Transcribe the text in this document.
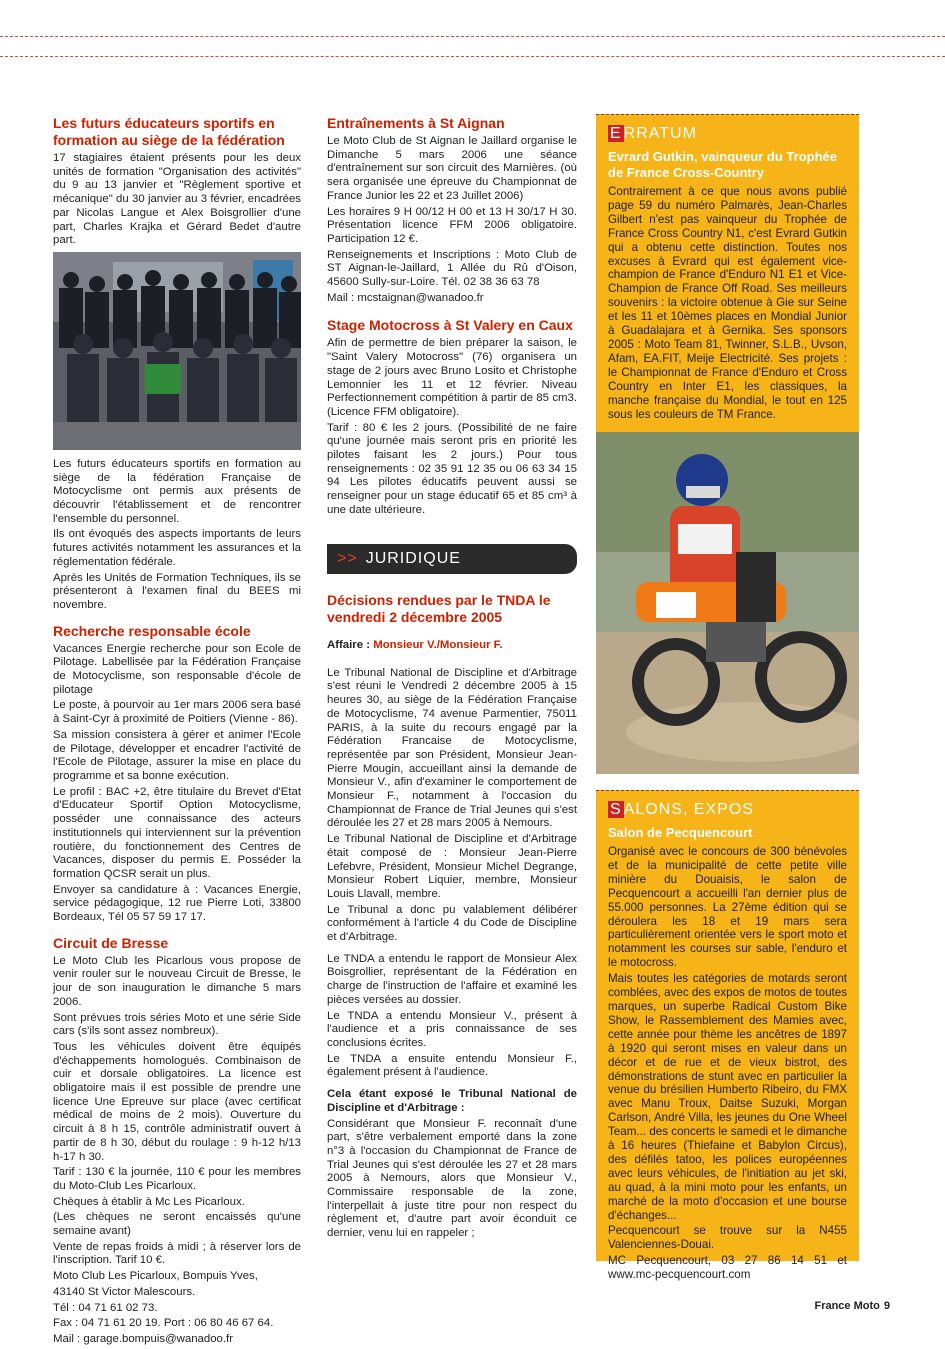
Les futurs éducateurs sportifs en formation au siège de la fédération

17 stagiaires étaient présents pour les deux unités de formation "Organisation des activités" du 9 au 13 janvier et "Règlement sportive et mécanique" du 30 janvier au 3 février, encadrées par Nicolas Langue et Alex Boisgrollier d'une part, Charles Krajka et Gérard Bedet d'autre part.

Les futurs éducateurs sportifs en formation au siège de la fédération Française de Motocyclisme ont permis aux présents de découvrir l'établissement et de rencontrer l'ensemble du personnel.

Ils ont évoqués des aspects importants de leurs futures activités notamment les assurances et la réglementation fédérale.

Après les Unités de Formation Techniques, ils se présenteront à l'examen final du BEES mi novembre.

Recherche responsable école

Vacances Energie recherche pour son Ecole de Pilotage. Labellisée par la Fédération Française de Motocyclisme, son responsable d'école de pilotage

Le poste, à pourvoir au 1er mars 2006 sera basé à Saint-Cyr à proximité de Poitiers (Vienne - 86).

Sa mission consistera à gérer et animer l'Ecole de Pilotage, développer et encadrer l'activité de l'Ecole de Pilotage, assurer la mise en place du programme et sa bonne exécution.

Le profil : BAC +2, être titulaire du Brevet d'Etat d'Educateur Sportif Option Motocyclisme, posséder une connaissance des acteurs institutionnels qui interviennent sur la prévention routière, du fonctionnement des Centres de Vacances, disposer du permis E. Posséder la formation QCSR serait un plus.

Envoyer sa candidature à : Vacances Energie, service pédagogique, 12 rue Pierre Loti, 33800 Bordeaux, Tél 05 57 59 17 17.

Circuit de Bresse

Le Moto Club les Picarlous vous propose de venir rouler sur le nouveau Circuit de Bresse, le jour de son inauguration le dimanche 5 mars 2006.

Sont prévues trois séries Moto et une série Side cars (s'ils sont assez nombreux).

Tous les véhicules doivent être équipés d'échappements homologués. Combinaison de cuir et dorsale obligatoires. La licence est obligatoire mais il est possible de prendre une licence Une Epreuve sur place (avec certificat médical de moins de 2 mois). Ouverture du circuit à 8 h 15, contrôle administratif ouvert à partir de 8 h 30, début du roulage : 9 h-12 h/13 h-17 h 30.

Tarif : 130 € la journée, 110 € pour les membres du Moto-Club Les Picarloux.

Chèques à établir à Mc Les Picarloux.

(Les chèques ne seront encaissés qu'une semaine avant)

Vente de repas froids à midi ; à réserver lors de l'inscription. Tarif 10 €.

Moto Club Les Picarloux, Bompuis Yves,

43140 St Victor Malescours.

Tél : 04 71 61 02 73.

Fax : 04 71 61 20 19. Port : 06 80 46 67 64.

Mail : garage.bompuis@wanadoo.fr

Entraînements à St Aignan

Le Moto Club de St Aignan le Jaillard organise le Dimanche 5 mars 2006 une séance d'entraînement sur son circuit des Marnières. (où sera organisée une épreuve du Championnat de France Junior les 22 et 23 Juillet 2006)

Les horaires 9 H 00/12 H 00 et 13 H 30/17 H 30. Présentation licence FFM 2006 obligatoire. Participation 12 €.

Renseignements et Inscriptions : Moto Club de ST Aignan-le-Jaillard, 1 Allée du Rû d'Oison, 45600 Sully-sur-Loire. Tél. 02 38 36 63 78

Mail : mcstaignan@wanadoo.fr

Stage Motocross à St Valery en Caux

Afin de permettre de bien préparer la saison, le "Saint Valery Motocross" (76) organisera un stage de 2 jours avec Bruno Losito et Christophe Lemonnier les 11 et 12 février. Niveau Perfectionnement compétition à partir de 85 cm3. (Licence FFM obligatoire).

Tarif : 80 € les 2 jours. (Possibilité de ne faire qu'une journée mais seront pris en priorité les pilotes faisant les 2 jours.) Pour tous renseignements : 02 35 91 12 35 ou 06 63 34 15 94 Les pilotes éducatifs peuvent aussi se renseigner pour un stage éducatif 65 et 85 cm³ à une date ultérieure.

>> JURIDIQUE
Décisions rendues par le TNDA le vendredi 2 décembre 2005

Affaire : Monsieur V./Monsieur F.

Le Tribunal National de Discipline et d'Arbitrage s'est réuni le Vendredi 2 décembre 2005 à 15 heures 30, au siège de la Fédération Française de Motocyclisme, 74 avenue Parmentier, 75011 PARIS, à la suite du recours engagé par la Fédération Francaise de Motocyclisme, représentée par son Président, Monsieur Jean-Pierre Mougin, accueillant ainsi la demande de Monsieur V., afin d'examiner le comportement de Monsieur F., notamment à l'occasion du Championnat de France de Trial Jeunes qui s'est déroulée les 27 et 28 mars 2005 à Nemours.

Le Tribunal National de Discipline et d'Arbitrage était composé de : Monsieur Jean-Pierre Lefebvre, Président, Monsieur Michel Degrange, Monsieur Robert Liquier, membre, Monsieur Louis Llavall, membre.

Le Tribunal a donc pu valablement délibérer conformément à l'article 4 du Code de Discipline et d'Arbitrage.

Le TNDA a entendu le rapport de Monsieur Alex Boisgrollier, représentant de la Fédération en charge de l'instruction de l'affaire et examiné les pièces versées au dossier.

Le TNDA a entendu Monsieur V., présent à l'audience et a pris connaissance de ses conclusions écrites.

Le TNDA a ensuite entendu Monsieur F., également présent à l'audience.

Cela étant exposé le Tribunal National de Discipline et d'Arbitrage :

Considérant que Monsieur F. reconnaît d'une part, s'être verbalement emporté dans la zone n°3 à l'occasion du Championnat de France de Trial Jeunes qui s'est déroulée les 27 et 28 mars 2005 à Nemours, alors que Monsieur V., Commissaire responsable de la zone, l'interpellait à juste titre pour non respect du règlement et, d'autre part avoir éconduit ce dernier, venu lui en rappeler ;

E RRATUM
Evrard Gutkin, vainqueur du Trophée de France Cross-Country
Contrairement à ce que nous avons publié page 59 du numéro Palmarès, Jean-Charles Gilbert n'est pas vainqueur du Trophée de France Cross Country N1, c'est Evrard Gutkin qui a obtenu cette distinction. Toutes nos excuses à Evrard qui est également vice-champion de France d'Enduro N1 E1 et Vice-Champion de France Off Road. Ses meilleurs souvenirs : la victoire obtenue à Gie sur Seine et les 11 et 10èmes places en Mondial Junior à Guadalajara et à Gernika. Ses sponsors 2005 : Moto Team 81, Twinner, S.L.B., Uvson, Afam, EA.FIT, Meije Electricité. Ses projets : le Championnat de France d'Enduro et Cross Country en Inter E1, les classiques, la manche française du Mondial, le tout en 125 sous les couleurs de TM France.
S ALONS, EXPOS
Salon de Pecquencourt
Organisé avec le concours de 300 bénévoles et de la municipalité de cette petite ville minière du Douaisis, le salon de Pecquencourt a accueilli l'an dernier plus de 55.000 personnes. La 27ème édition qui se déroulera les 18 et 19 mars sera particulièrement orientée vers le sport moto et notamment les courses sur sable, l'enduro et le motocross.
Mais toutes les catégories de motards seront comblées, avec des expos de motos de toutes marques, un superbe Radical Custom Bike Show, le Rassemblement des Mamies avec, cette année pour thème les ancêtres de 1897 à 1920 qui seront mises en valeur dans un décor et de rue et de vieux bistrot, des démonstrations de stunt avec en particulier la venue du brésilien Humberto Ribeiro, du FMX avec Manu Troux, Daitse Suzuki, Morgan Carlson, André Villa, les jeunes du One Wheel Team... des concerts le samedi et le dimanche à 16 heures (Thiefaine et Babylon Circus), des défilés tatoo, les polices européennes avec leurs véhicules, de l'initiation au jet ski, au quad, à la mini moto pour les enfants, un marché de la moto d'occasion et une bourse d'échanges...
Pecquencourt se trouve sur la N455 Valenciennes-Douai.
MC Pecquencourt, 03 27 86 14 51 et www.mc-pecquencourt.com
France Moto 9
